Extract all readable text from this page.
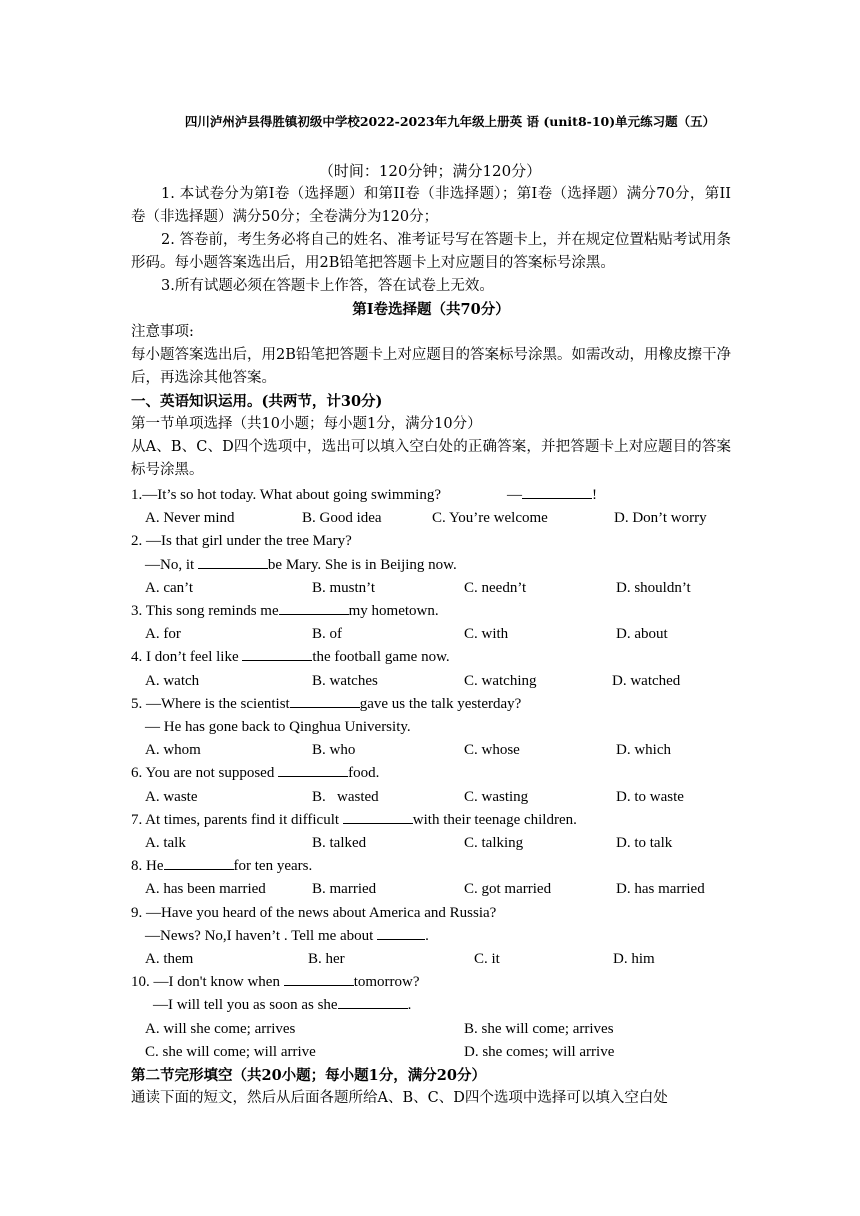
四川泸州泸县得胜镇初级中学校2022-2023年九年级上册英 语 (unit8-10)单元练习题（五）
（时间：120分钟；满分120分）

1. 本试卷分为第I卷（选择题）和第II卷（非选择题）；第I卷（选择题）满分70分，第II卷（非选择题）满分50分；全卷满分为120分；

2. 答卷前，考生务必将自己的姓名、准考证号写在答题卡上，并在规定位置粘贴考试用条形码。每小题答案选出后，用2B铅笔把答题卡上对应题目的答案标号涂黑。

3.所有试题必须在答题卡上作答，答在试卷上无效。

第Ⅰ卷选择题（共70分）

注意事项:

每小题答案选出后，用2B铅笔把答题卡上对应题目的答案标号涂黑。如需改动，用橡皮擦干净后，再选涂其他答案。

一、英语知识运用。(共两节，计30分)

第一节单项选择（共10小题；每小题1分，满分10分）

从A、B、C、D四个选项中，选出可以填入空白处的正确答案，并把答题卡上对应题目的答案标号涂黑。

1.—It’s so hot today. What about going swimming?	—	!

A. Never mind	B. Good idea	C. You’re welcome	D. Don’t worry

2. —Is that girl under the tree Mary?

—No, it	be Mary. She is in Beijing now.

A. can’t	B. mustn’t	C. needn’t	D. shouldn’t

3. This song reminds me	my hometown.

A. for	B. of	C. with	D. about

4. I don’t feel like	the football game now.

A. watch	B. watches	C. watching	D. watched

5. —Where is the scientist	gave us the talk yesterday?

— He has gone back to Qinghua University.

A. whom	B. who	C. whose	D. which

6. You are not supposed	food.

A. waste	B.   wasted	C. wasting	D. to waste

7. At times, parents find it difficult	with their teenage children.

A. talk	B. talked	C. talking	D. to talk

8. He	for ten years.

A. has been married	B. married	C. got married	D. has married

9. —Have you heard of the news about America and Russia?

—News? No,I haven’t . Tell me about	.

A. them	B. her	C. it	D. him

10. —I don't know when	tomorrow?

—I will tell you as soon as she	.

A. will she come; arrives	B. she will come; arrives

C. she will come; will arrive	D. she comes; will arrive

第二节完形填空（共20小题；每小题1分，满分20分）

通读下面的短文，然后从后面各题所给A、B、C、D四个选项中选择可以填入空白处
